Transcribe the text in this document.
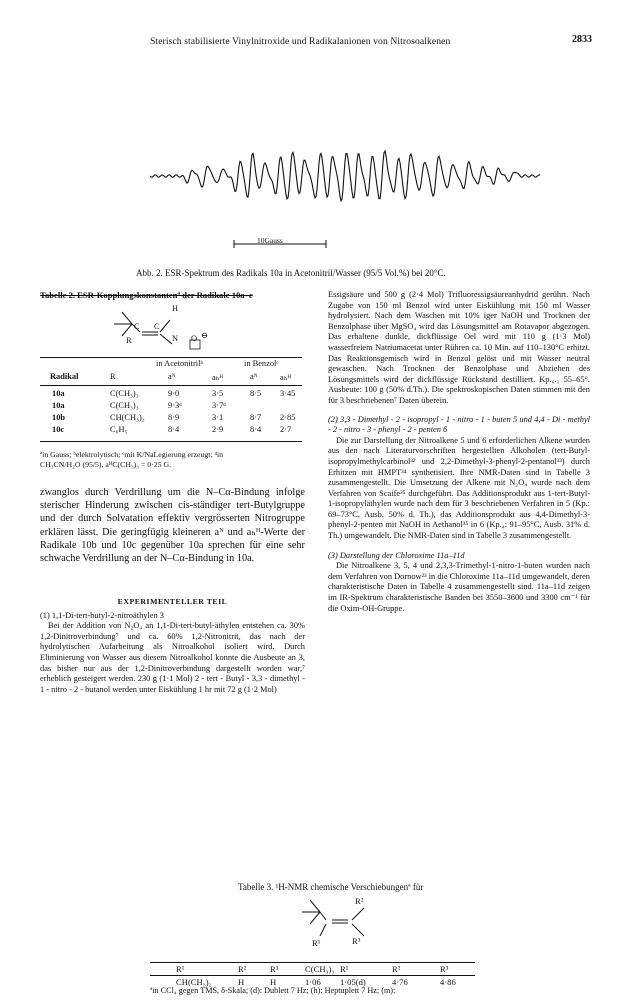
Sterisch stabilisierte Vinylnitroxide und Radikalanionen von Nitrosoalkenen	2833
10Gauss
Abb. 2. ESR-Spektrum des Radikals 10a in Acetonitril/Wasser (95/5 Vol.%) bei 20°C.
Tabelle 2. ESR-Kopplungskonstantenª der Radikale 10a–c
C C
H
R	N O ⊖
in Acetonitrilᵇ	in Benzolᶜ
Radikal	R	aᴺ	aₕᴴ	aᴺ	aₕᴴ
10a	C(CH₃)₃	9·0	3·5	8·5 3·45
10a	C(CH₃)₃	9·3ᵈ	3·7ᵈ
10b	CH(CH₃)₂	8·9	3·1	8·7 2·85
10c	C₆H₅	8·4	2·9	8·4 2·7
ªin Gauss; ᵇelektrolytisch; ᶜmit K/NaLegierung erzeugt; ᵈin
CH₃CN/H₂O (95/5), aᴴC(CH₃)₃ = 0·25 G.

zwanglos durch Verdrillung um die N–Cα-Bindung infolge sterischer Hinderung zwischen cis-ständiger tert-Butylgruppe und der durch Solvatation effektiv vergrösserten Nitrogruppe erklären lässt. Die geringfügig kleineren aᴺ und aₕᴴ-Werte der Radikale 10b und 10c gegenüber 10a sprechen für eine sehr schwache Verdrillung an der N–Cα-Bindung in 10a.

EXPERIMENTELLER TEIL
(1) 1,1-Di-tert-butyl-2-nitroäthylen 3

Bei der Addition von N₂O₄ an 1,1-Di-tert-butyl-äthylen entstehen ca. 30% 1,2-Dinitroverbindung⁷ und ca. 60% 1,2-Nitronitrit, das nach der hydrolytischen Aufarbeitung als Nitroalkohol isoliert wird. Durch Eliminierung von Wasser aus diesem Nitroalkohol konnte die Ausbeute an 3, das bisher nur aus der 1,2-Dinitroverbindung dargestellt worden war,⁷ erheblich gesteigert werden. 230 g (1·1 Mol) 2 - tert - Butyl - 3,3 - dimethyl - 1 - nitro - 2 - butanol werden unter Eiskühlung 1 hr mit 72 g (1·2 Mol)

Essigsäure und 500 g (2·4 Mol) Trifluoressigsäureanhydrid gerührt. Nach Zugabe von 150 ml Benzol wird unter Eiskühlung mit 150 ml Wasser hydrolysiert. Nach dem Waschen mit 10% iger NaOH und Trocknen der Benzolphase über MgSO₄ wird das Lösungsmittel am Rotavapor abgezogen. Das erhaltene dunkle, dickflüssige Oel wird mit 110 g (1·3 Mol) wasserfreiem Natriumacetat unter Rühren ca. 10 Min. auf 110–130°C erhitzt. Das Reaktionsgemisch wird in Benzol gelöst und mit Wasser neutral gewaschen. Nach Trocknen der Benzolphase und Abziehen des Lösungsmittels wird der dickflüssige Rückstand destilliert. Kp.₀.₁ 55–65°. Ausbeute: 100 g (50% d.Th.). Die spektroskopischen Daten stimmen mit den für 3 beschriebenen⁷ Daten überein.

(2) 3,3 - Dimethyl - 2 - isopropyl - 1 - nitro - 1 - buten 5 und 4,4 - Di - methyl - 2 - nitro - 3 - phenyl - 2 - penten 6

Die zur Darstellung der Nitroalkene 5 und 6 erforderlichen Alkene wurden aus den nach Literaturvorschriften hergestellten Alkoholen (tert-Butyl-isopropylmethylcarbinol³² und 2,2-Dimethyl-3-phenyl-2-pentanol³³) durch Erhitzen mit HMPT³⁴ synthetisiert. Ihre NMR-Daten sind in Tabelle 3 zusammengestellt. Die Umsetzung der Alkene mit N₂O₄ wurde nach dem Verfahren von Scaife³⁵ durchgeführt. Das Additionsprodukt aus 1-tert-Butyl-1-isopropyläthylen wurde nach dem für 3 beschriebenen Verfahren in 5 (Kp.: 69–73°C, Ausb. 50% d. Th.), das Additionsprodukt aus 4,4-Dimethyl-3-phenyl-2-penten mit NaOH in Aethanol³⁵ in 6 (Kp.₄: 91–95°C, Ausb. 31% d. Th.) umgewandelt. Die NMR-Daten sind in Tabelle 3 zusammengestellt.

(3) Darstellung der Chloroxime 11a–11d

Die Nitroalkene 3, 5, 4 und 2,3,3-Trimethyl-1-nitro-1-buten wurden nach dem Verfahren von Dornow²³ in die Chloroxime 11a–11d umgewandelt, deren charakteristische Daten in Tabelle 4 zusammengestellt sind. 11a–11d zeigen im IR-Spektrum charakteristische Banden bei 3550–3600 und 3300 cm⁻¹ für die Oxim-OH-Gruppe.

Tabelle 3. ¹H-NMR chemische Verschiebungenª für
R²
R¹	R³
R¹	R²	R³	C(CH₃)₃ R¹	R²	R³
CH(CH₃)₂	H	H	1·06 1·05(d)	4·76	4·86
ªin CCl₄ gegen TMS, δ-Skala; (d): Dublett 7 Hz; (h): Heptuplett 7 Hz; (m):
